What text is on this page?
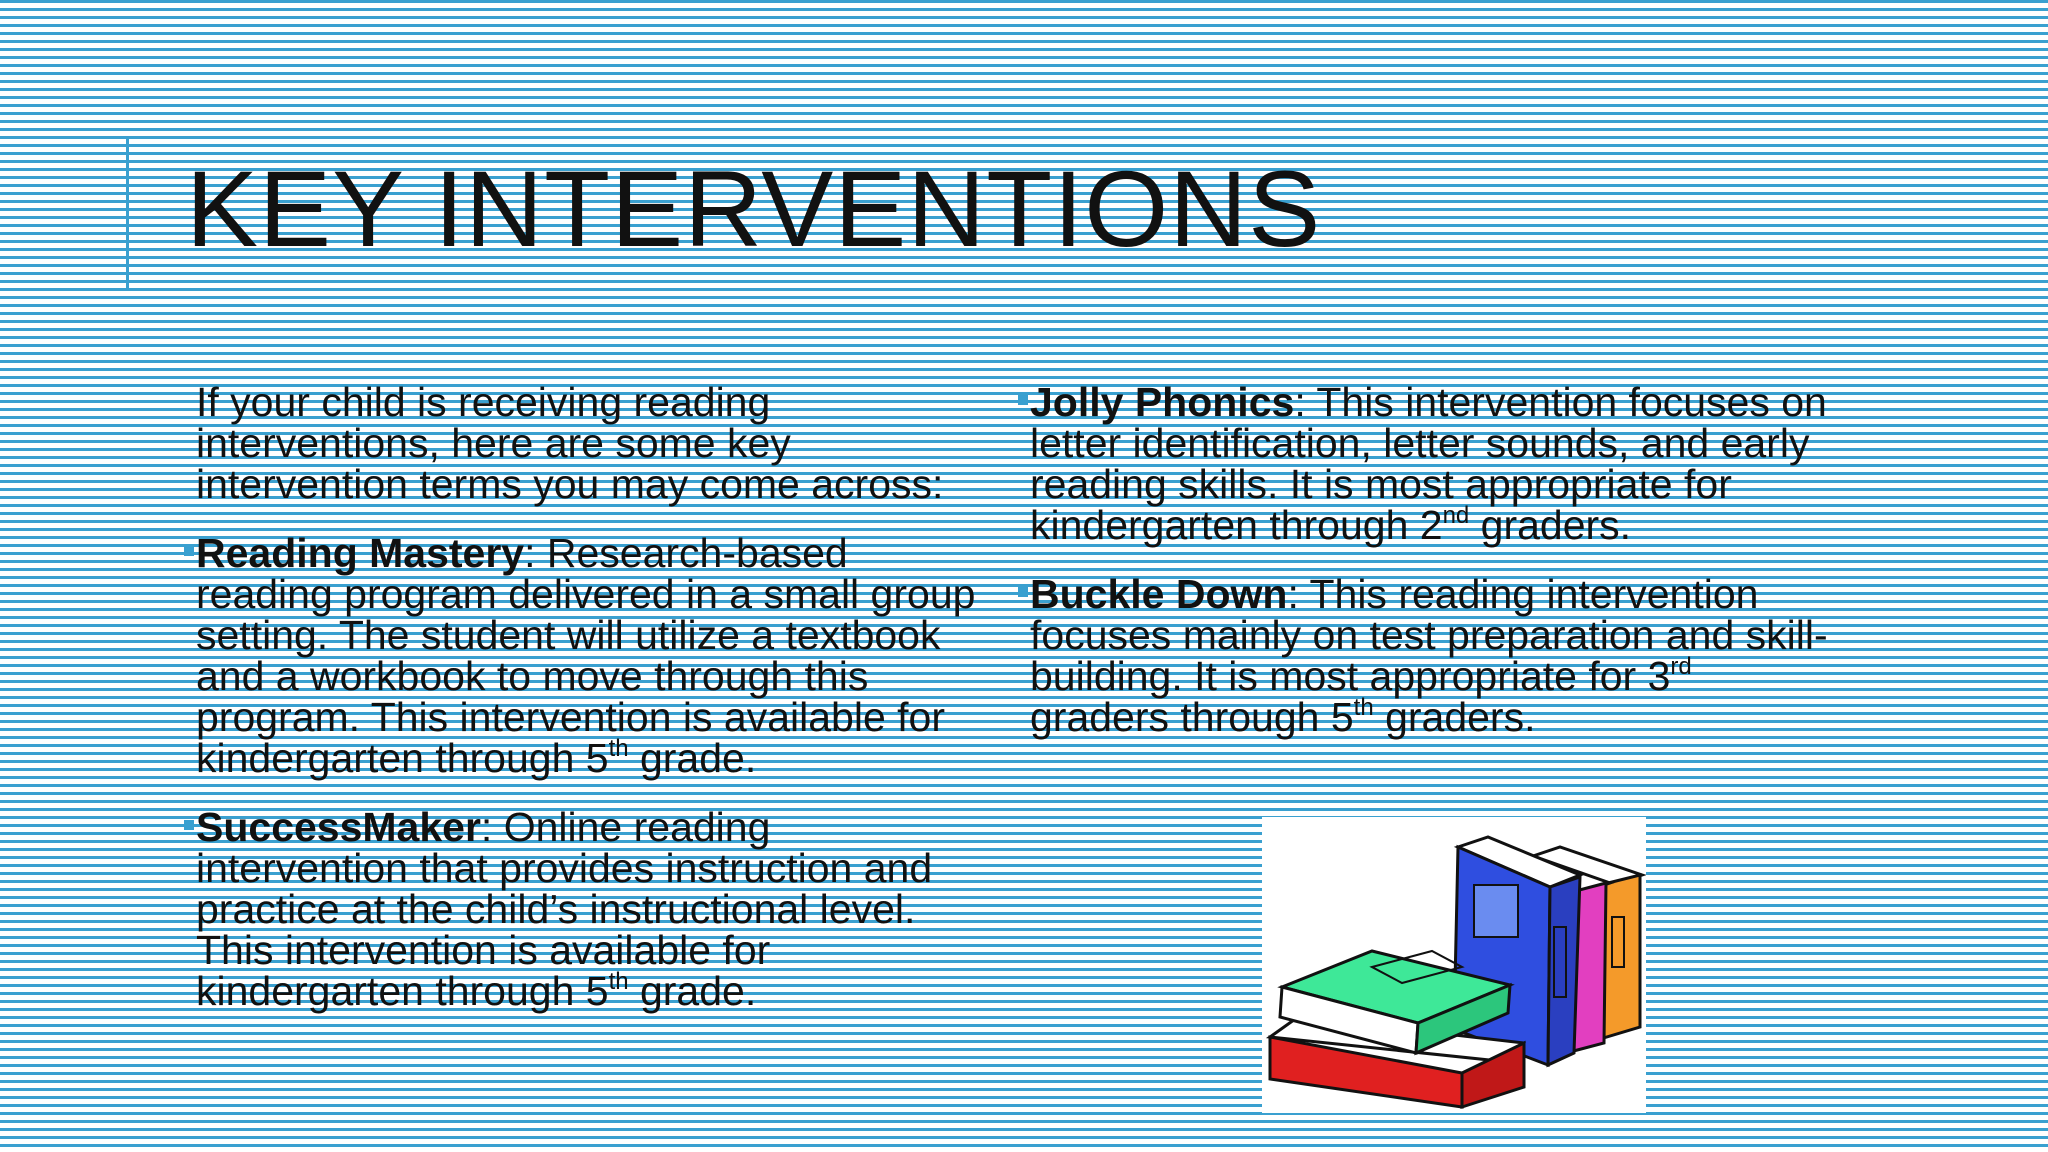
KEY INTERVENTIONS

If your child is receiving reading interventions, here are some key intervention terms you may come across:

Reading Mastery: Research-based reading program delivered in a small group setting. The student will utilize a textbook and a workbook to move through this program. This intervention is available for kindergarten through 5th grade.
SuccessMaker: Online reading intervention that provides instruction and practice at the child’s instructional level. This intervention is available for kindergarten through 5th grade.
Jolly Phonics: This intervention focuses on letter identification, letter sounds, and early reading skills. It is most appropriate for kindergarten through 2nd graders.
Buckle Down: This reading intervention focuses mainly on test preparation and skill-building. It is most appropriate for 3rd graders through 5th graders.
